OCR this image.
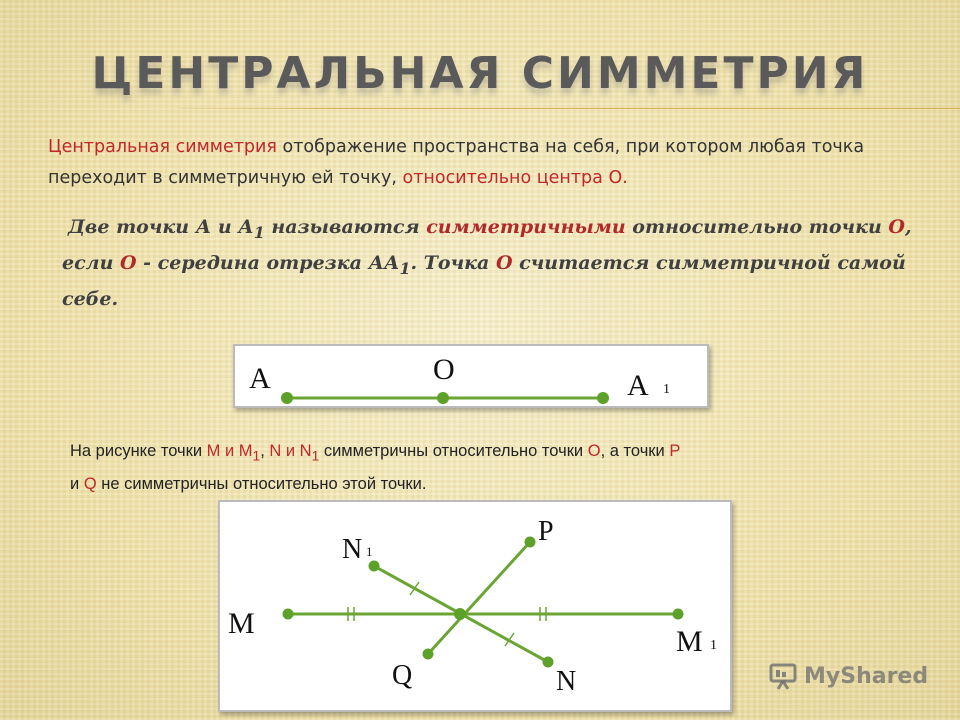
ЦЕНТРАЛЬНАЯ СИММЕТРИЯ
Центральная симметрия отображение пространства на себя, при котором любая точка переходит в симметричную ей точку, относительно центра О.
Две точки А и $А_1$ называются симметричными относительно точки О, если О - середина отрезка $АА_1$. Точка О считается симметричной самой себе.
A	O	A 1
На рисунке точки М и $М_1$, N и $N_1$ симметричны относительно точки О, а точки Р
и Q не симметричны относительно этой точки.
N 1
P
M
M 1
Q	N	MyShared
